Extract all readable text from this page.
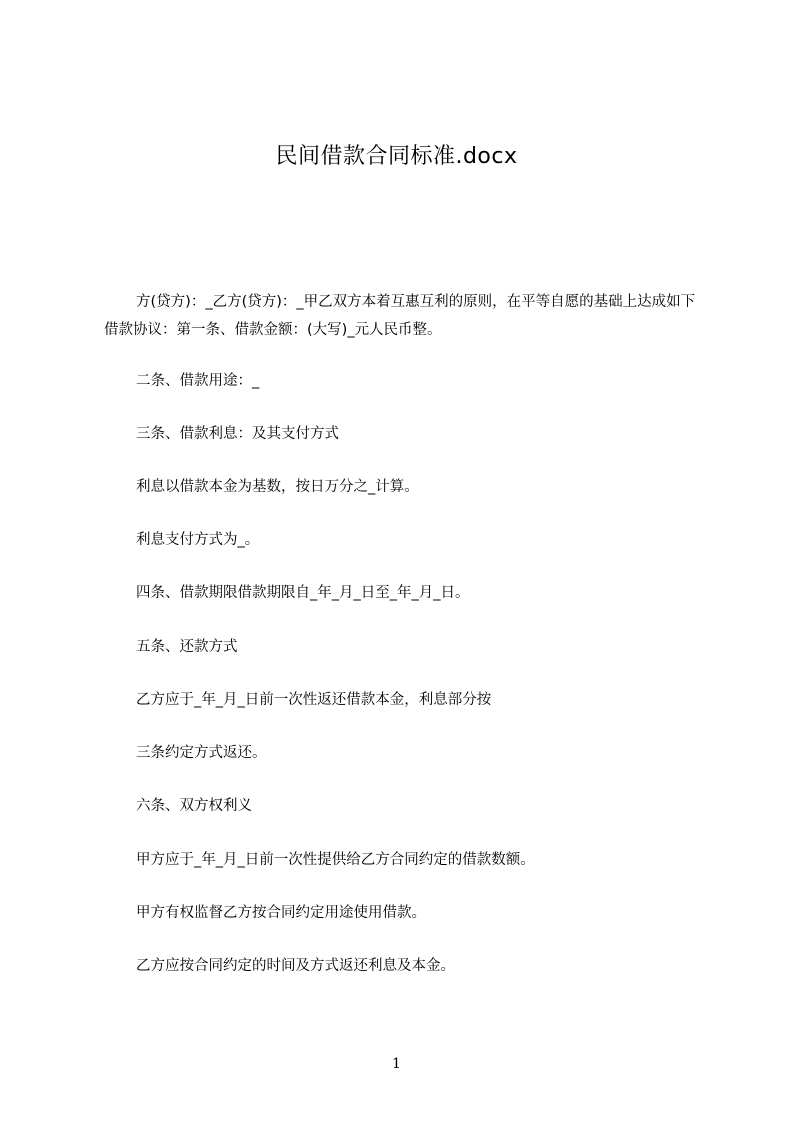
民间借款合同标准.docx

方(贷方)：_乙方(贷方)：_甲乙双方本着互惠互利的原则，在平等自愿的基础上达成如下借款协议：第一条、借款金额：(大写)_元人民币整。

二条、借款用途：_

三条、借款利息：及其支付方式

利息以借款本金为基数，按日万分之_计算。

利息支付方式为_。

四条、借款期限借款期限自_年_月_日至_年_月_日。

五条、还款方式

乙方应于_年_月_日前一次性返还借款本金，利息部分按

三条约定方式返还。

六条、双方权利义

甲方应于_年_月_日前一次性提供给乙方合同约定的借款数额。

甲方有权监督乙方按合同约定用途使用借款。

乙方应按合同约定的时间及方式返还利息及本金。

1
